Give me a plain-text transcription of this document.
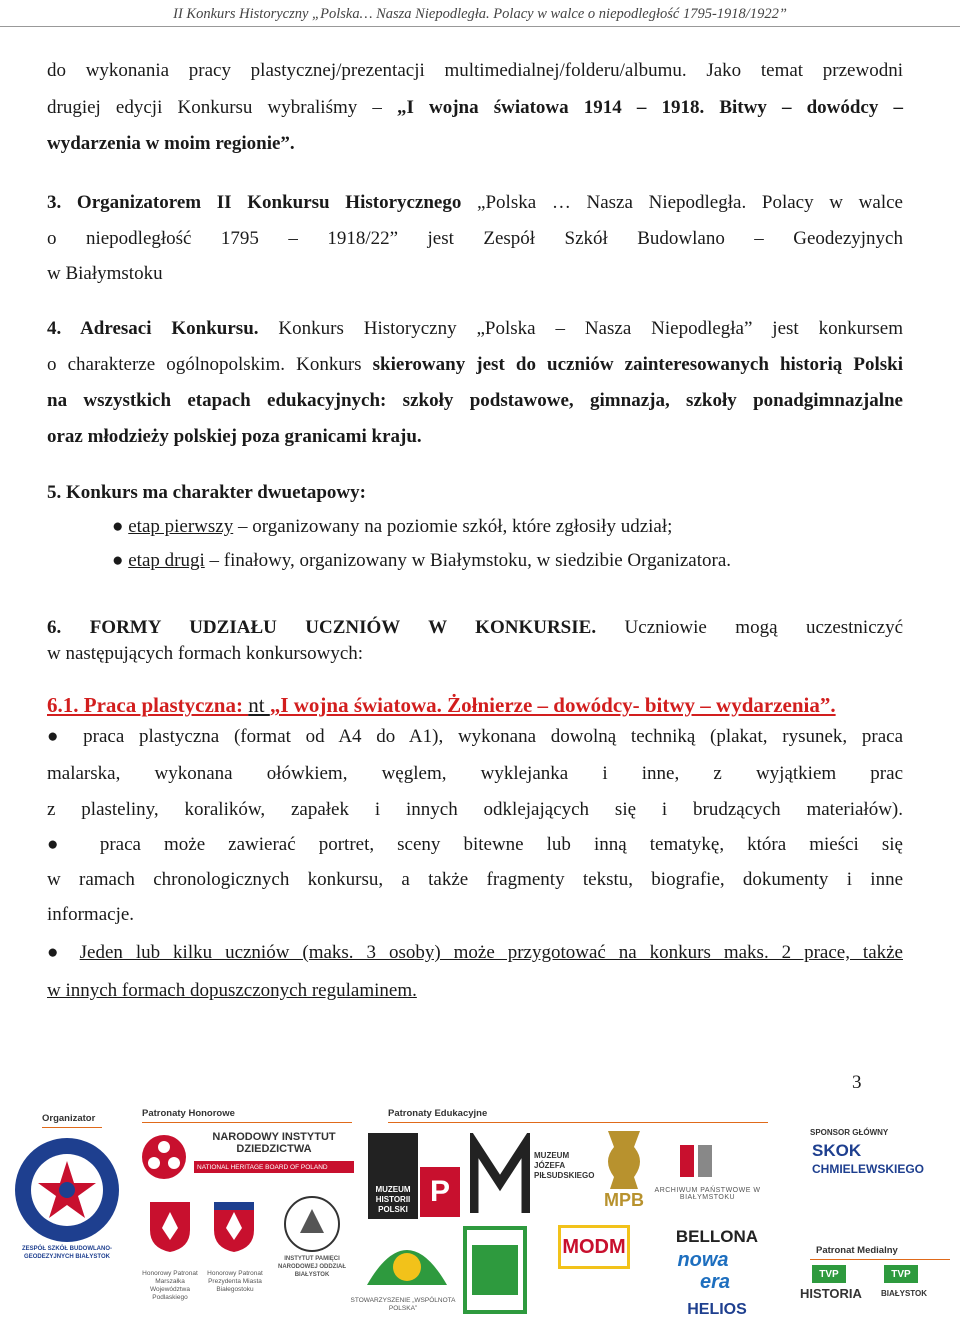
II Konkurs Historyczny „Polska… Nasza Niepodległa. Polacy w walce o niepodległość 1795-1918/1922”
do wykonania pracy plastycznej/prezentacji multimedialnej/folderu/albumu. Jako temat przewodni
drugiej edycji Konkursu wybraliśmy – „I wojna światowa 1914 – 1918. Bitwy – dowódcy –
wydarzenia w moim regionie”.
3. Organizatorem II Konkursu Historycznego „Polska … Nasza Niepodległa. Polacy w walce
o niepodległość 1795 – 1918/22” jest Zespół Szkół Budowlano – Geodezyjnych
w Białymstoku
4. Adresaci Konkursu. Konkurs Historyczny „Polska – Nasza Niepodległa” jest konkursem
o charakterze ogólnopolskim. Konkurs skierowany jest do uczniów zainteresowanych historią Polski
na wszystkich etapach edukacyjnych: szkoły podstawowe, gimnazja, szkoły ponadgimnazjalne
oraz młodzieży polskiej poza granicami kraju.
5. Konkurs ma charakter dwuetapowy:
● etap pierwszy – organizowany na poziomie szkół, które zgłosiły udział;
● etap drugi – finałowy, organizowany w Białymstoku, w siedzibie Organizatora.
6. FORMY UDZIAŁU UCZNIÓW W KONKURSIE. Uczniowie mogą uczestniczyć
w następujących formach konkursowych:
6.1. Praca plastyczna: nt „I wojna światowa. Żołnierze – dowódcy- bitwy – wydarzenia”.
● praca plastyczna (format od A4 do A1), wykonana dowolną techniką (plakat, rysunek, praca
malarska, wykonana ołówkiem, węglem, wyklejanka i inne, z wyjątkiem prac
z plasteliny, koralików, zapałek i innych odklejających się i brudzących materiałów).
● praca może zawierać portret, sceny bitewne lub inną tematykę, która mieści się
w ramach chronologicznych konkursu, a także fragmenty tekstu, biografie, dokumenty i inne
informacje.
● Jeden lub kilku uczniów (maks. 3 osoby) może przygotować na konkurs maks. 2 prace, także
w innych formach dopuszczonych regulaminem.
3
Organizator	Patronaty Honorowe	Patronaty Edukacyjne
SPONSOR GŁÓWNY
Patronat Medialny
ZESPÓŁ SZKÓŁ BUDOWLANO-GEODEZYJNYCH BIAŁYSTOK
NARODOWY INSTYTUT DZIEDZICTWA
NATIONAL HERITAGE BOARD OF POLAND
Honorowy Patronat Marszałka Województwa Podlaskiego
Honorowy Patronat Prezydenta Miasta Białegostoku
INSTYTUT PAMIĘCI NARODOWEJ ODDZIAŁ BIAŁYSTOK
MUZEUM HISTORII POLSKI
P
MUZEUM JÓZEFA PIŁSUDSKIEGO
MPB	ARCHIWUM PAŃSTWOWE W BIAŁYMSTOKU
SKOK
CHMIELEWSKIEGO
MODM	BELLONA
nowa
era
HELIOS
STOWARZYSZENIE „WSPÓLNOTA POLSKA”
TVP
HISTORIA
TVP
BIAŁYSTOK
